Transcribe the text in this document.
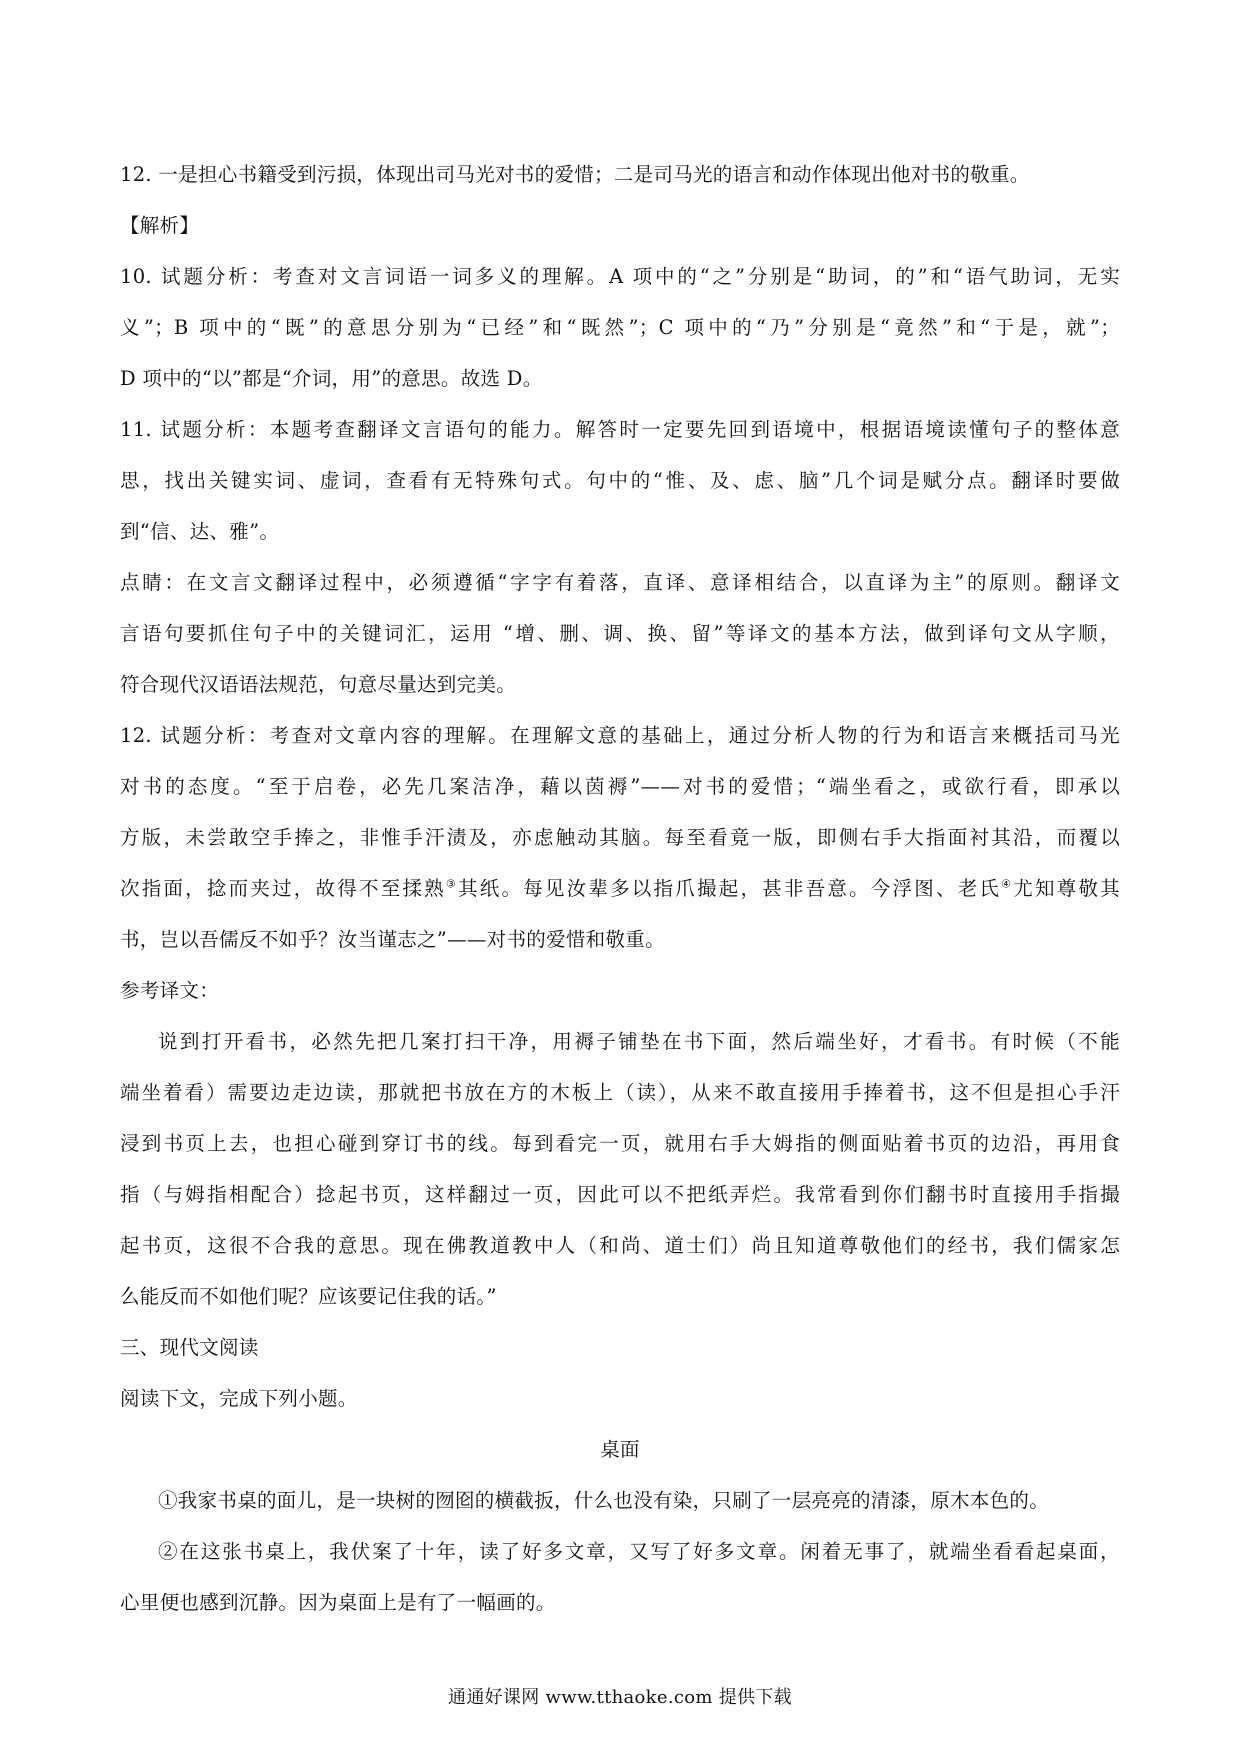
12. 一是担心书籍受到污损，体现出司马光对书的爱惜；二是司马光的语言和动作体现出他对书的敬重。
【解析】
10. 试题分析：考查对文言词语一词多义的理解。A 项中的“之”分别是“助词，的”和“语气助词，无实
义”；B 项中的“既”的意思分别为“已经”和“既然”；C 项中的“乃”分别是“竟然”和“于是，就”；
D 项中的“以”都是“介词，用”的意思。故选 D。
11. 试题分析：本题考查翻译文言语句的能力。解答时一定要先回到语境中，根据语境读懂句子的整体意
思，找出关键实词、虚词，查看有无特殊句式。句中的“惟、及、虑、脑”几个词是赋分点。翻译时要做
到“信、达、雅”。
点睛：在文言文翻译过程中，必须遵循“字字有着落，直译、意译相结合，以直译为主”的原则。翻译文
言语句要抓住句子中的关键词汇，运用 “增、删、调、换、留”等译文的基本方法，做到译句文从字顺，
符合现代汉语语法规范，句意尽量达到完美。
12. 试题分析：考查对文章内容的理解。在理解文意的基础上，通过分析人物的行为和语言来概括司马光
对书的态度。“至于启卷，必先几案洁净，藉以茵褥”——对书的爱惜；“端坐看之，或欲行看，即承以
方版，未尝敢空手捧之，非惟手汗渍及，亦虑触动其脑。每至看竟一版，即侧右手大指面衬其沿，而覆以
次指面，捻而夹过，故得不至揉熟③其纸。每见汝辈多以指爪撮起，甚非吾意。今浮图、老氏④尤知尊敬其
书，岂以吾儒反不如乎？汝当谨志之”——对书的爱惜和敬重。
参考译文：
说到打开看书，必然先把几案打扫干净，用褥子铺垫在书下面，然后端坐好，才看书。有时候（不能
端坐着看）需要边走边读，那就把书放在方的木板上（读），从来不敢直接用手捧着书，这不但是担心手汗
浸到书页上去，也担心碰到穿订书的线。每到看完一页，就用右手大姆指的侧面贴着书页的边沿，再用食
指（与姆指相配合）捻起书页，这样翻过一页，因此可以不把纸弄烂。我常看到你们翻书时直接用手指撮
起书页，这很不合我的意思。现在佛教道教中人（和尚、道士们）尚且知道尊敬他们的经书，我们儒家怎
么能反而不如他们呢？应该要记住我的话。”
三、现代文阅读
阅读下文，完成下列小题。
桌面
①我家书桌的面儿，是一块树的囫囵的横截扳，什么也没有染，只刷了一层亮亮的清漆，原木本色的。
②在这张书桌上，我伏案了十年，读了好多文章，又写了好多文章。闲着无事了，就端坐看看起桌面，
心里便也感到沉静。因为桌面上是有了一幅画的。
通通好课网 www.tthaoke.com 提供下载
